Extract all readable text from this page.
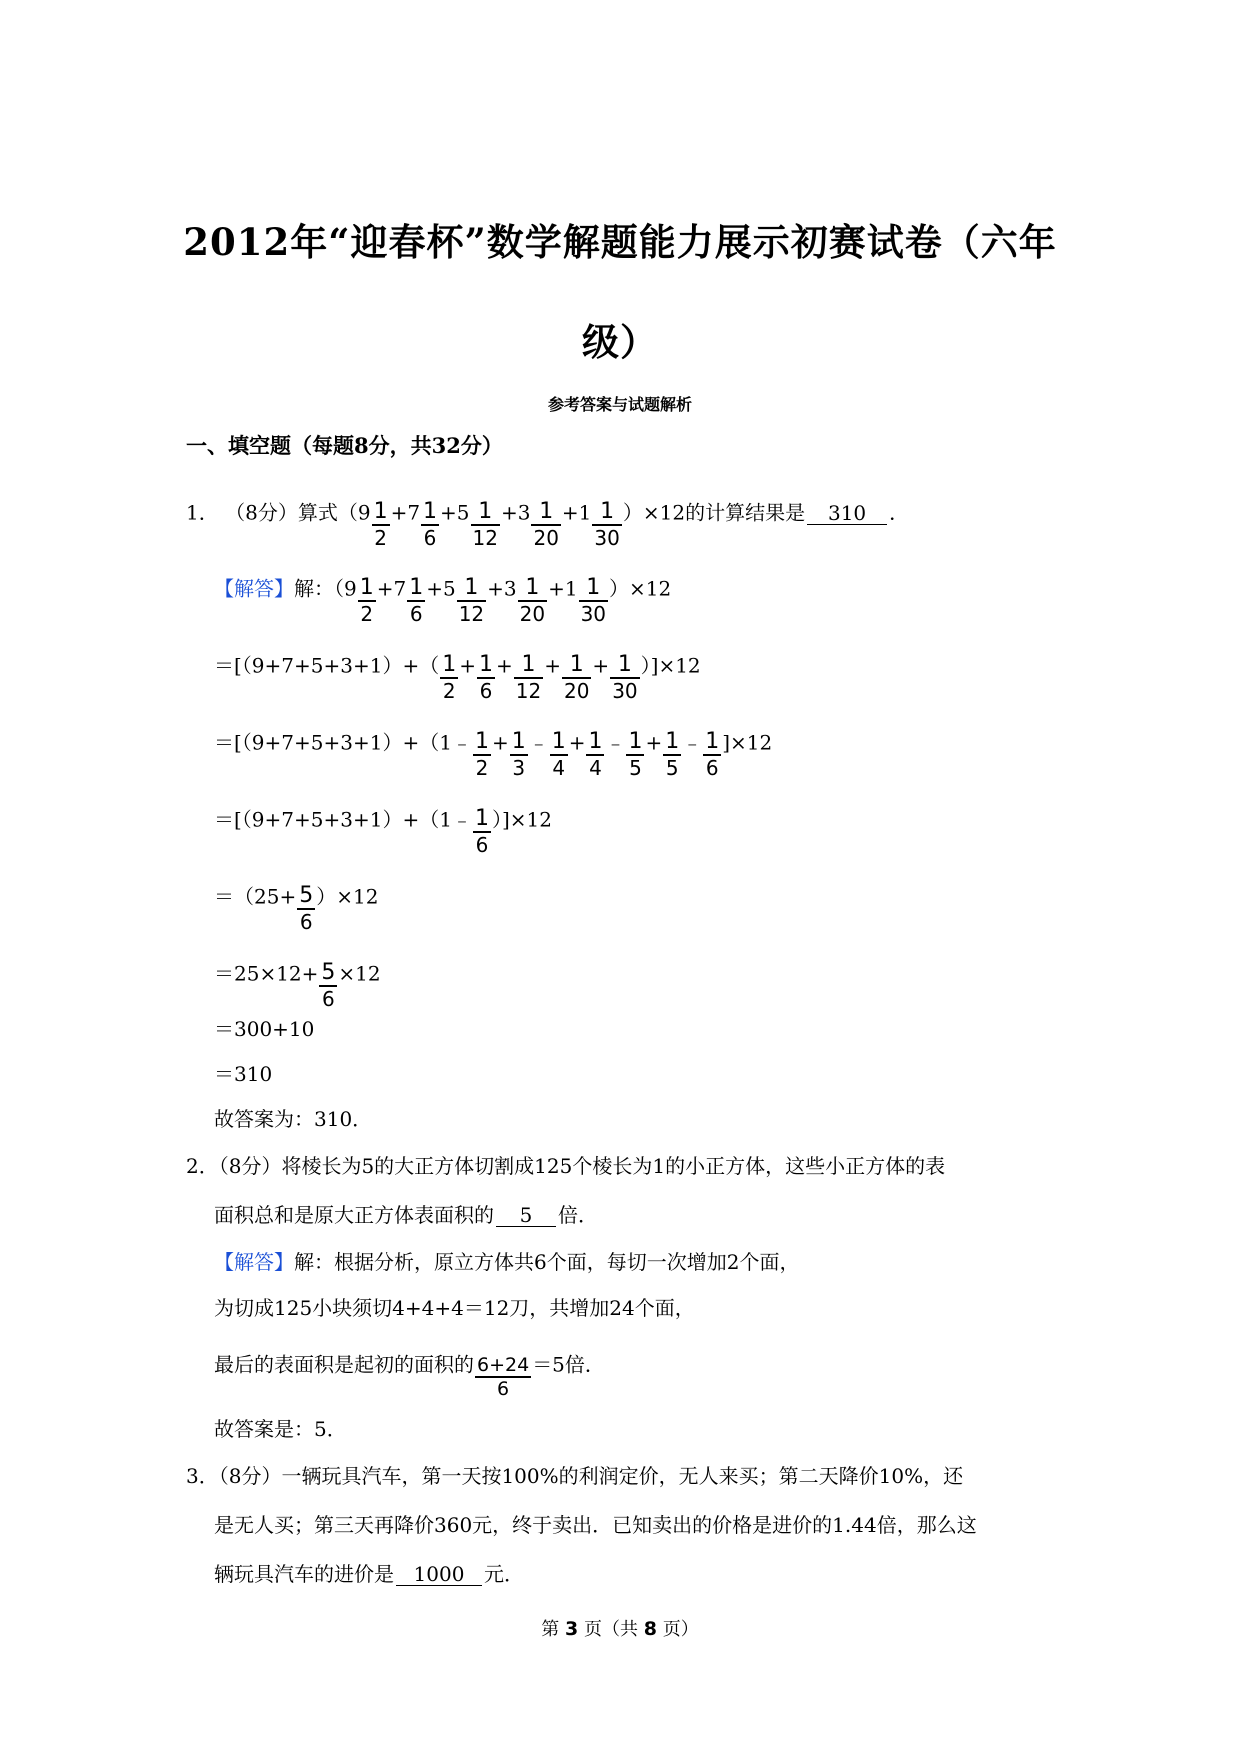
2012年“迎春杯”数学解题能力展示初赛试卷（六年
级）
参考答案与试题解析
一、填空题（每题8分，共32分）
1． （8分）算式$(9 \frac{1}{2} +7 \frac{1}{6} +5 \frac{1}{12} +3 \frac{1}{20} +1 \frac{1}{30} )\times 12$的计算结果是 310 ．
【解答】解：$(9 \frac{1}{2} +7 \frac{1}{6} +5 \frac{1}{12} +3 \frac{1}{20} +1 \frac{1}{30} )\times 12$
$=[(9+7+5+3+1)+( \frac{1}{2} + \frac{1}{6} + \frac{1}{12} + \frac{1}{20} + \frac{1}{30} )]\times 12$
＝[（9+7+5+3+1）+（1﹣ $\frac{1}{2} + \frac{1}{3}$ ﹣ $\frac{1}{4} + \frac{1}{4}$ ﹣ $\frac{1}{5} + \frac{1}{5}$ ﹣ $\frac{1}{6} ]\times 12$
＝[（9+7+5+3+1）+（1﹣ $\frac{1}{6} )]\times 12$
$=(25+ \frac{5}{6} )\times 12$
$=25\times 12+ \frac{5}{6} \times 12$
＝300+10
＝310
故答案为：310．
2．（8分）将棱长为5的大正方体切割成125个棱长为1的小正方体，这些小正方体的表
面积总和是原大正方体表面积的 5 倍．
【解答】解：根据分析，原立方体共6个面，每切一次增加2个面，
为切成125小块须切4+4+4＝12刀，共增加24个面，
最后的表面积是起初的面积的 $\frac{6+24}{6} =5$倍．
故答案是：5．
3．（8分）一辆玩具汽车，第一天按100%的利润定价，无人来买；第二天降价10%，还
是无人买；第三天再降价360元，终于卖出．已知卖出的价格是进价的1.44倍，那么这
辆玩具汽车的进价是 1000 元．
第 3 页（共 8 页）
